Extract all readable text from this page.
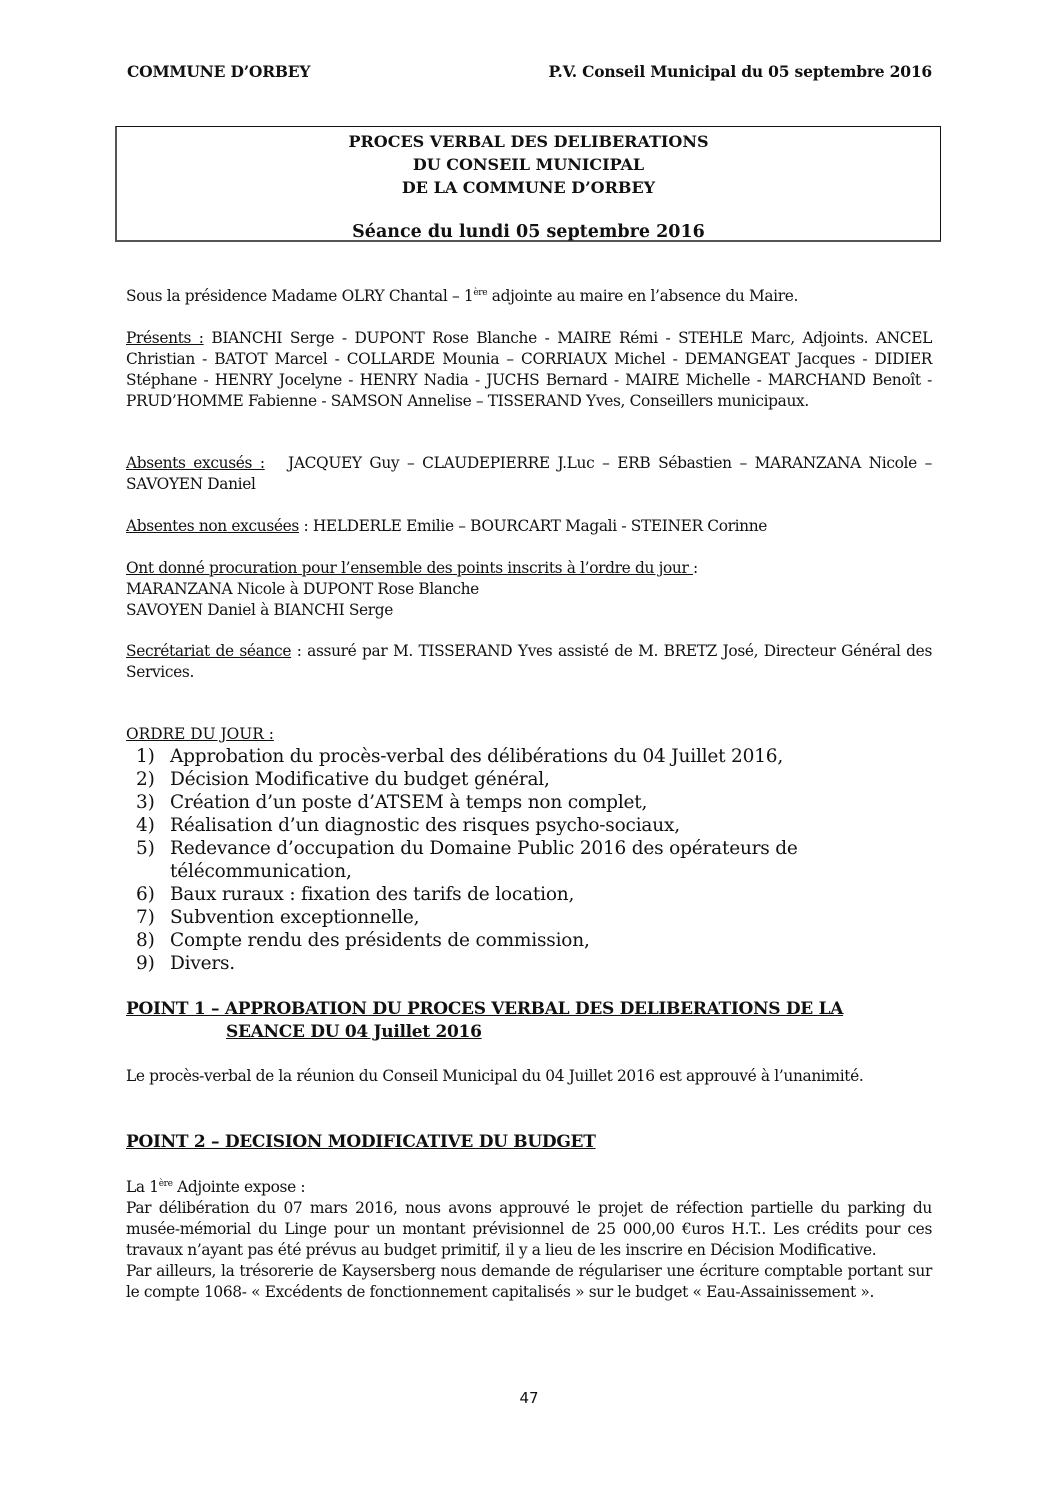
COMMUNE D’ORBEY	P.V. Conseil Municipal du 05 septembre 2016
PROCES VERBAL DES DELIBERATIONS
DU CONSEIL MUNICIPAL
DE LA COMMUNE D’ORBEY
Séance du lundi 05 septembre 2016
Sous la présidence Madame OLRY Chantal – 1ère adjointe au maire en l’absence du Maire.
Présents : BIANCHI Serge - DUPONT Rose Blanche - MAIRE Rémi - STEHLE Marc, Adjoints. ANCEL Christian - BATOT Marcel - COLLARDE Mounia – CORRIAUX Michel - DEMANGEAT Jacques - DIDIER Stéphane - HENRY Jocelyne - HENRY Nadia - JUCHS Bernard - MAIRE Michelle - MARCHAND Benoît - PRUD’HOMME Fabienne - SAMSON Annelise – TISSERAND Yves, Conseillers municipaux.
Absents excusés :   JACQUEY Guy – CLAUDEPIERRE J.Luc – ERB Sébastien – MARANZANA Nicole – SAVOYEN Daniel
Absentes non excusées : HELDERLE Emilie – BOURCART Magali - STEINER Corinne
Ont donné procuration pour l’ensemble des points inscrits à l’ordre du jour :
MARANZANA Nicole à DUPONT Rose Blanche
SAVOYEN Daniel à BIANCHI Serge
Secrétariat de séance : assuré par M. TISSERAND Yves assisté de M. BRETZ José, Directeur Général des Services.
ORDRE DU JOUR :
1) Approbation du procès-verbal des délibérations du 04 Juillet 2016,
2) Décision Modificative du budget général,
3) Création d’un poste d’ATSEM à temps non complet,
4) Réalisation d’un diagnostic des risques psycho-sociaux,
5) Redevance d’occupation du Domaine Public 2016 des opérateurs de télécommunication,
6) Baux ruraux : fixation des tarifs de location,
7) Subvention exceptionnelle,
8) Compte rendu des présidents de commission,
9) Divers.
POINT 1 – APPROBATION DU PROCES VERBAL DES DELIBERATIONS DE LA
SEANCE DU 04 Juillet 2016
Le procès-verbal de la réunion du Conseil Municipal du 04 Juillet 2016 est approuvé à l’unanimité.
POINT 2 – DECISION MODIFICATIVE DU BUDGET
La 1ère Adjointe expose :
Par délibération du 07 mars 2016, nous avons approuvé le projet de réfection partielle du parking du musée-mémorial du Linge pour un montant prévisionnel de 25 000,00 €uros H.T.. Les crédits pour ces travaux n’ayant pas été prévus au budget primitif, il y a lieu de les inscrire en Décision Modificative.
Par ailleurs, la trésorerie de Kaysersberg nous demande de régulariser une écriture comptable portant sur le compte 1068- « Excédents de fonctionnement capitalisés » sur le budget « Eau-Assainissement ».
47
